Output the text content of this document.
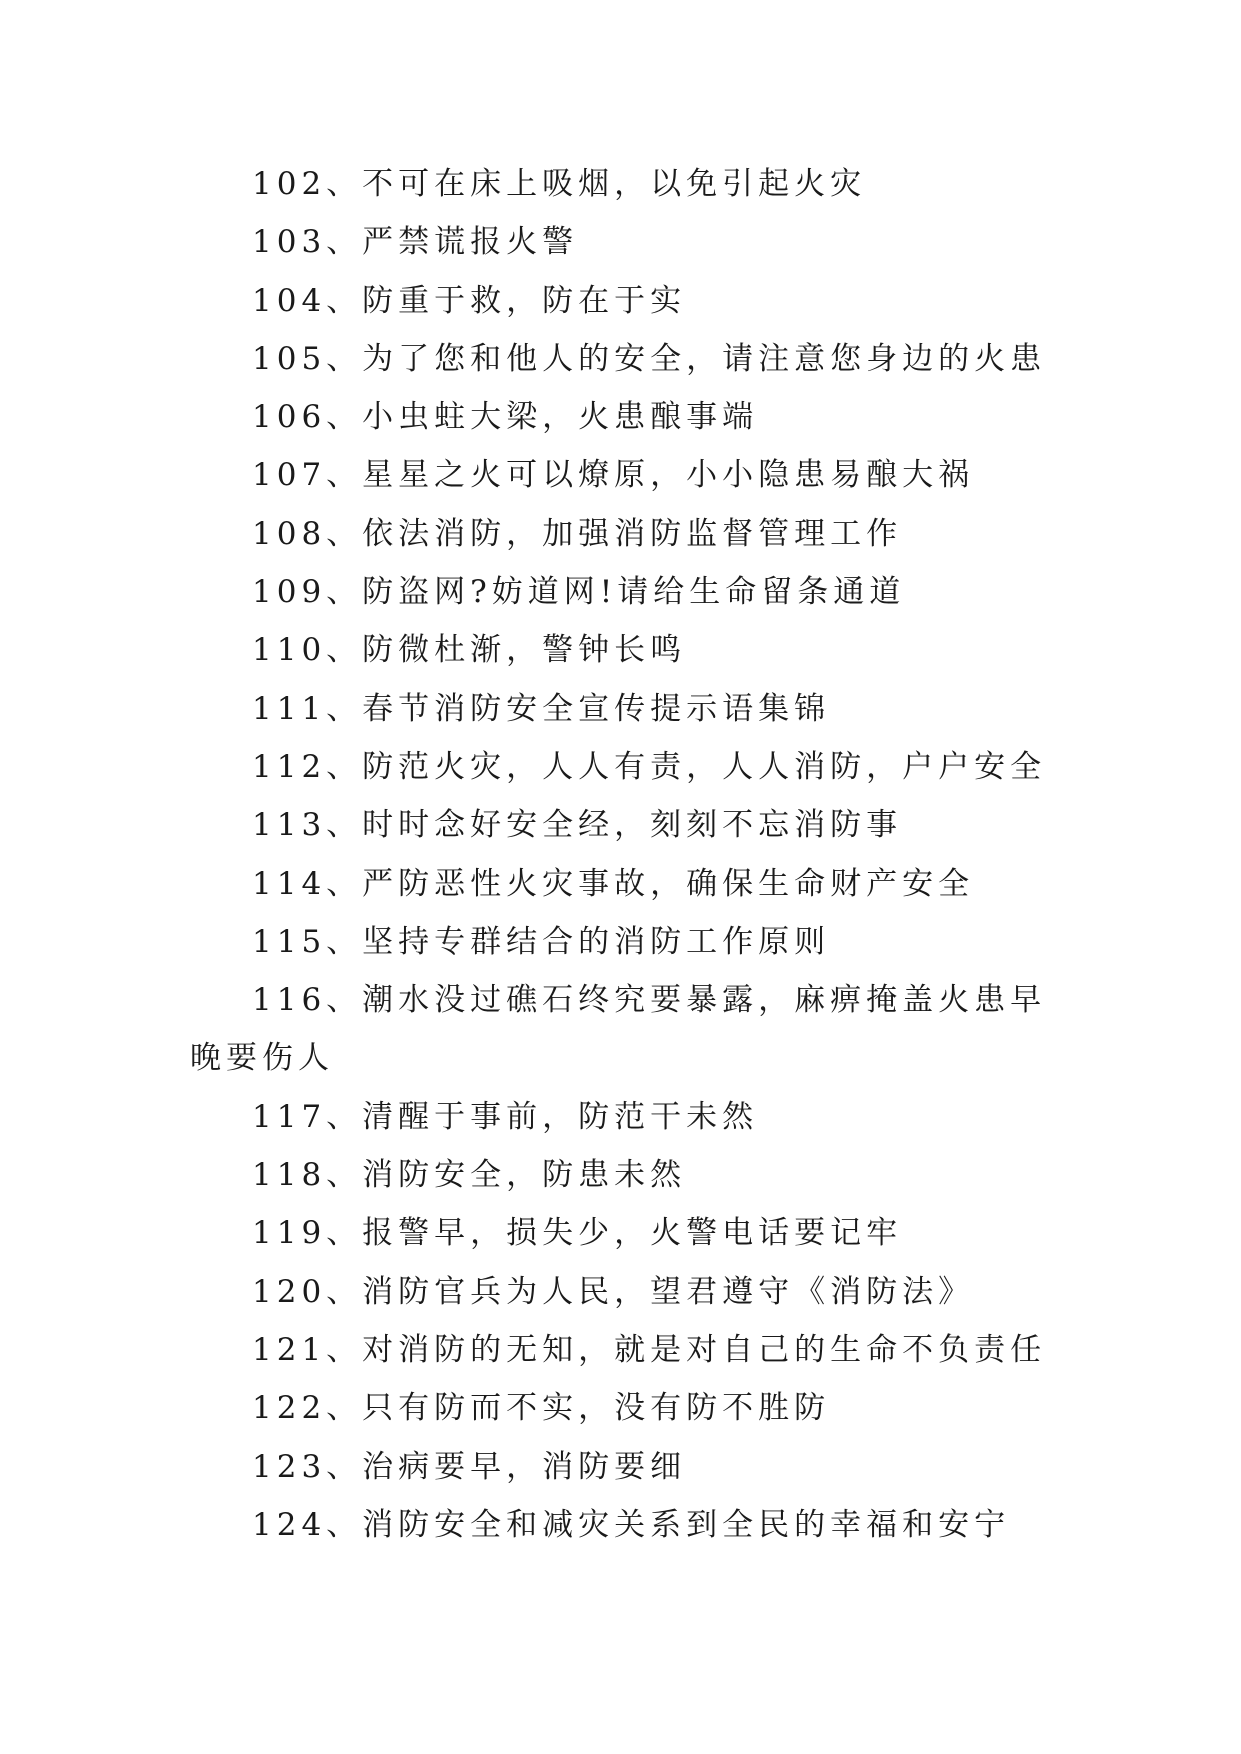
102、不可在床上吸烟，以免引起火灾

103、严禁谎报火警

104、防重于救，防在于实

105、为了您和他人的安全，请注意您身边的火患

106、小虫蛀大梁，火患酿事端

107、星星之火可以燎原，小小隐患易酿大祸

108、依法消防，加强消防监督管理工作

109、防盗网?妨道网!请给生命留条通道

110、防微杜渐，警钟长鸣

111、春节消防安全宣传提示语集锦

112、防范火灾，人人有责，人人消防，户户安全

113、时时念好安全经，刻刻不忘消防事

114、严防恶性火灾事故，确保生命财产安全

115、坚持专群结合的消防工作原则

116、潮水没过礁石终究要暴露，麻痹掩盖火患早晚要伤人

117、清醒于事前，防范干未然

118、消防安全，防患未然

119、报警早，损失少，火警电话要记牢

120、消防官兵为人民，望君遵守《消防法》

121、对消防的无知，就是对自己的生命不负责任

122、只有防而不实，没有防不胜防

123、治病要早，消防要细

124、消防安全和减灾关系到全民的幸福和安宁
